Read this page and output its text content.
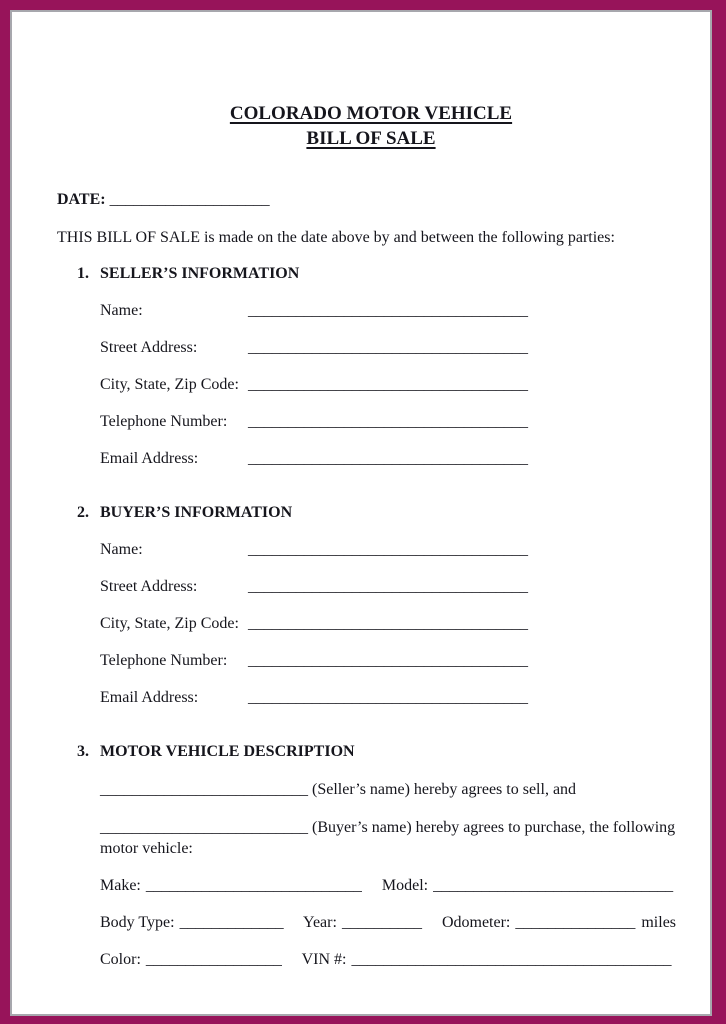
COLORADO MOTOR VEHICLE
BILL OF SALE

DATE: ____________________

THIS BILL OF SALE is made on the date above by and between the following parties:

1. SELLER’S INFORMATION
Name:	___________________________________
Street Address:	___________________________________
City, State, Zip Code: ___________________________________
Telephone Number:	___________________________________
Email Address:	___________________________________
2. BUYER’S INFORMATION
Name:	___________________________________
Street Address:	___________________________________
City, State, Zip Code: ___________________________________
Telephone Number:	___________________________________
Email Address:	___________________________________
3. MOTOR VEHICLE DESCRIPTION

__________________________ (Seller’s name) hereby agrees to sell, and

__________________________ (Buyer’s name) hereby agrees to purchase, the following
motor vehicle:

Make: ___________________________ Model: ______________________________
Body Type: _____________ Year: __________ Odometer: _______________ miles
Color: _________________ VIN #: ________________________________________
